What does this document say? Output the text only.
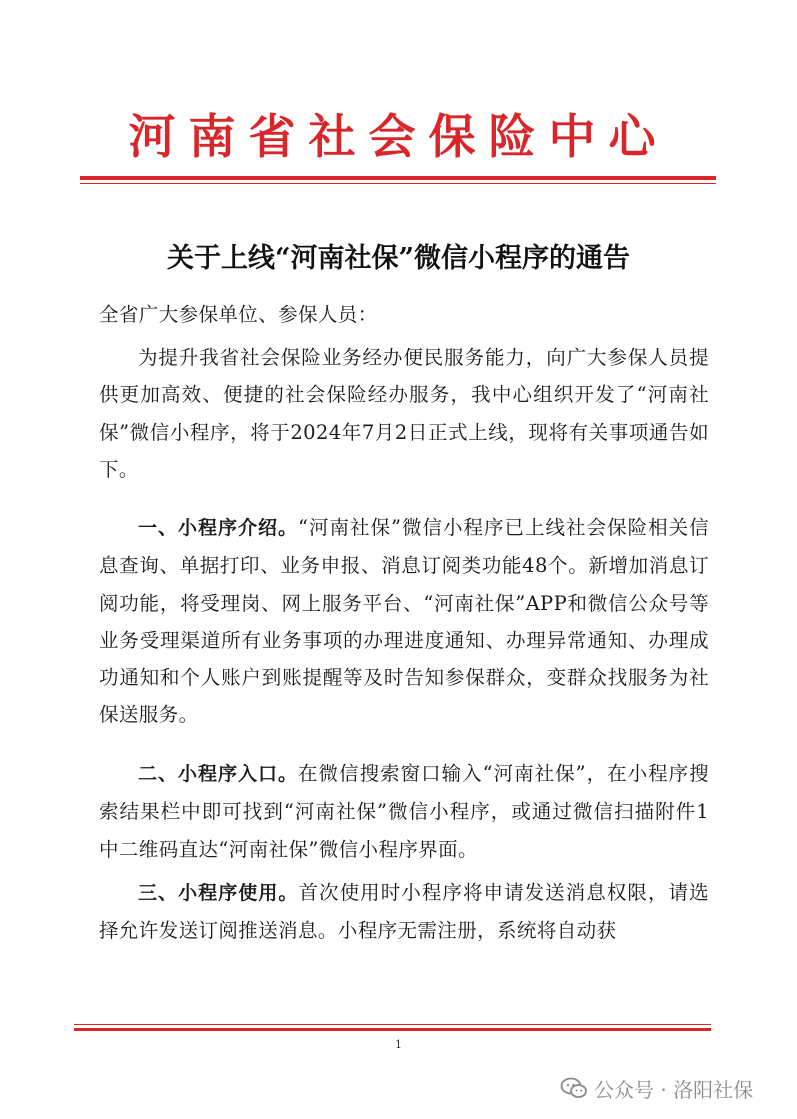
河南省社会保险中心
关于上线“河南社保”微信小程序的通告

全省广大参保单位、参保人员：

为提升我省社会保险业务经办便民服务能力，向广大参保人员提供更加高效、便捷的社会保险经办服务，我中心组织开发了“河南社保”微信小程序，将于2024年7月2日正式上线，现将有关事项通告如下。

一、小程序介绍。“河南社保”微信小程序已上线社会保险相关信息查询、单据打印、业务申报、消息订阅类功能48个。新增加消息订阅功能，将受理岗、网上服务平台、“河南社保”APP和微信公众号等业务受理渠道所有业务事项的办理进度通知、办理异常通知、办理成功通知和个人账户到账提醒等及时告知参保群众，变群众找服务为社保送服务。

二、小程序入口。在微信搜索窗口输入“河南社保”，在小程序搜索结果栏中即可找到“河南社保”微信小程序，或通过微信扫描附件1中二维码直达“河南社保”微信小程序界面。

三、小程序使用。首次使用时小程序将申请发送消息权限，请选择允许发送订阅推送消息。小程序无需注册，系统将自动获

1
公众号 · 洛阳社保
